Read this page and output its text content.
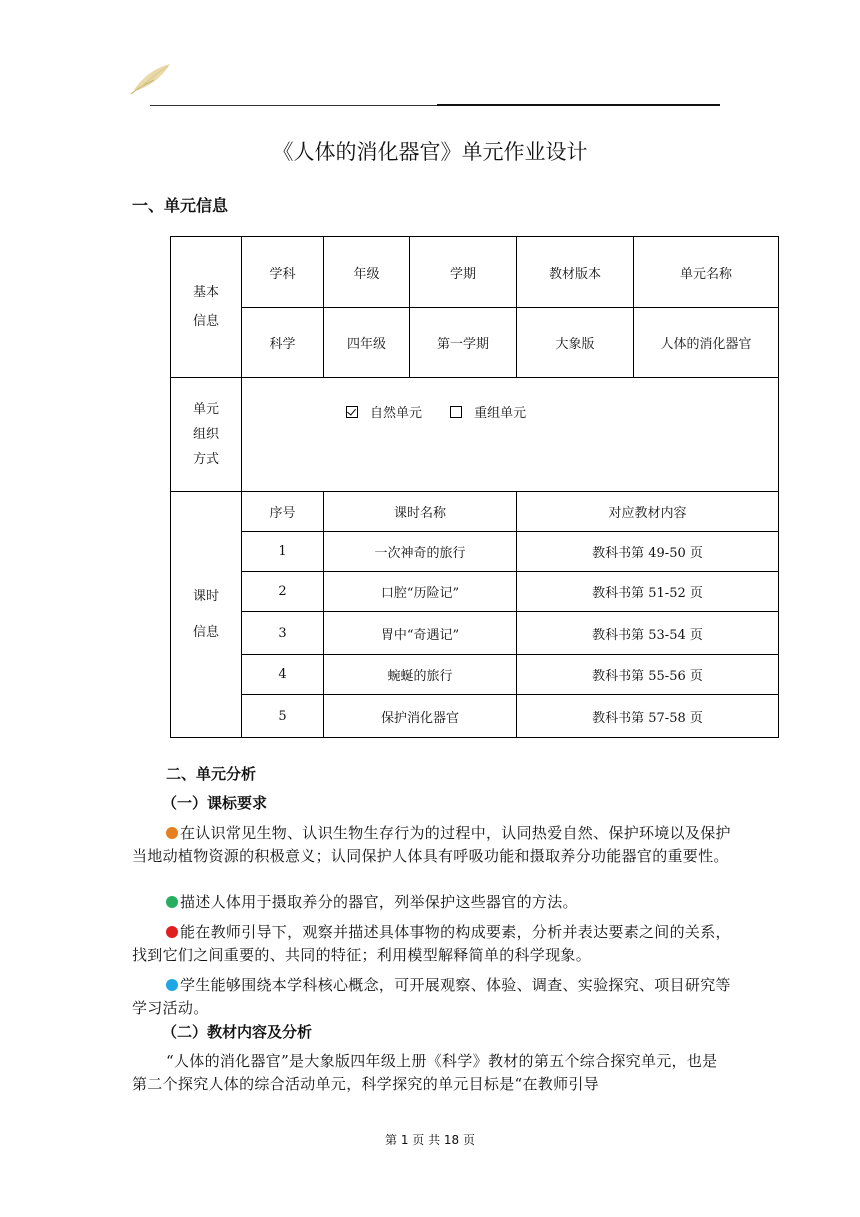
《人体的消化器官》单元作业设计
一、单元信息
基本
信息	学科	年级	学期	教材版本	单元名称
	科学	四年级	第一学期	大象版	人体的消化器官
单元
组织
方式	自然单元 重组单元				
课时

信息	序号	课时名称		对应教材内容	
	1	一次神奇的旅行		教科书第 49-50 页	
	2	口腔“历险记”		教科书第 51-52 页	
	3	胃中“奇遇记”		教科书第 53-54 页	
	4	蜿蜒的旅行		教科书第 55-56 页	
	5	保护消化器官		教科书第 57-58 页	
二、单元分析
（一）课标要求
在认识常见生物、认识生物生存行为的过程中，认同热爱自然、保护环境以及保护当地动植物资源的积极意义；认同保护人体具有呼吸功能和摄取养分功能器官的重要性。
描述人体用于摄取养分的器官，列举保护这些器官的方法。
能在教师引导下，观察并描述具体事物的构成要素，分析并表达要素之间的关系，找到它们之间重要的、共同的特征；利用模型解释简单的科学现象。
学生能够围绕本学科核心概念，可开展观察、体验、调查、实验探究、项目研究等学习活动。
（二）教材内容及分析
“人体的消化器官”是大象版四年级上册《科学》教材的第五个综合探究单元，也是第二个探究人体的综合活动单元，科学探究的单元目标是“在教师引导
第 1 页 共 18 页
